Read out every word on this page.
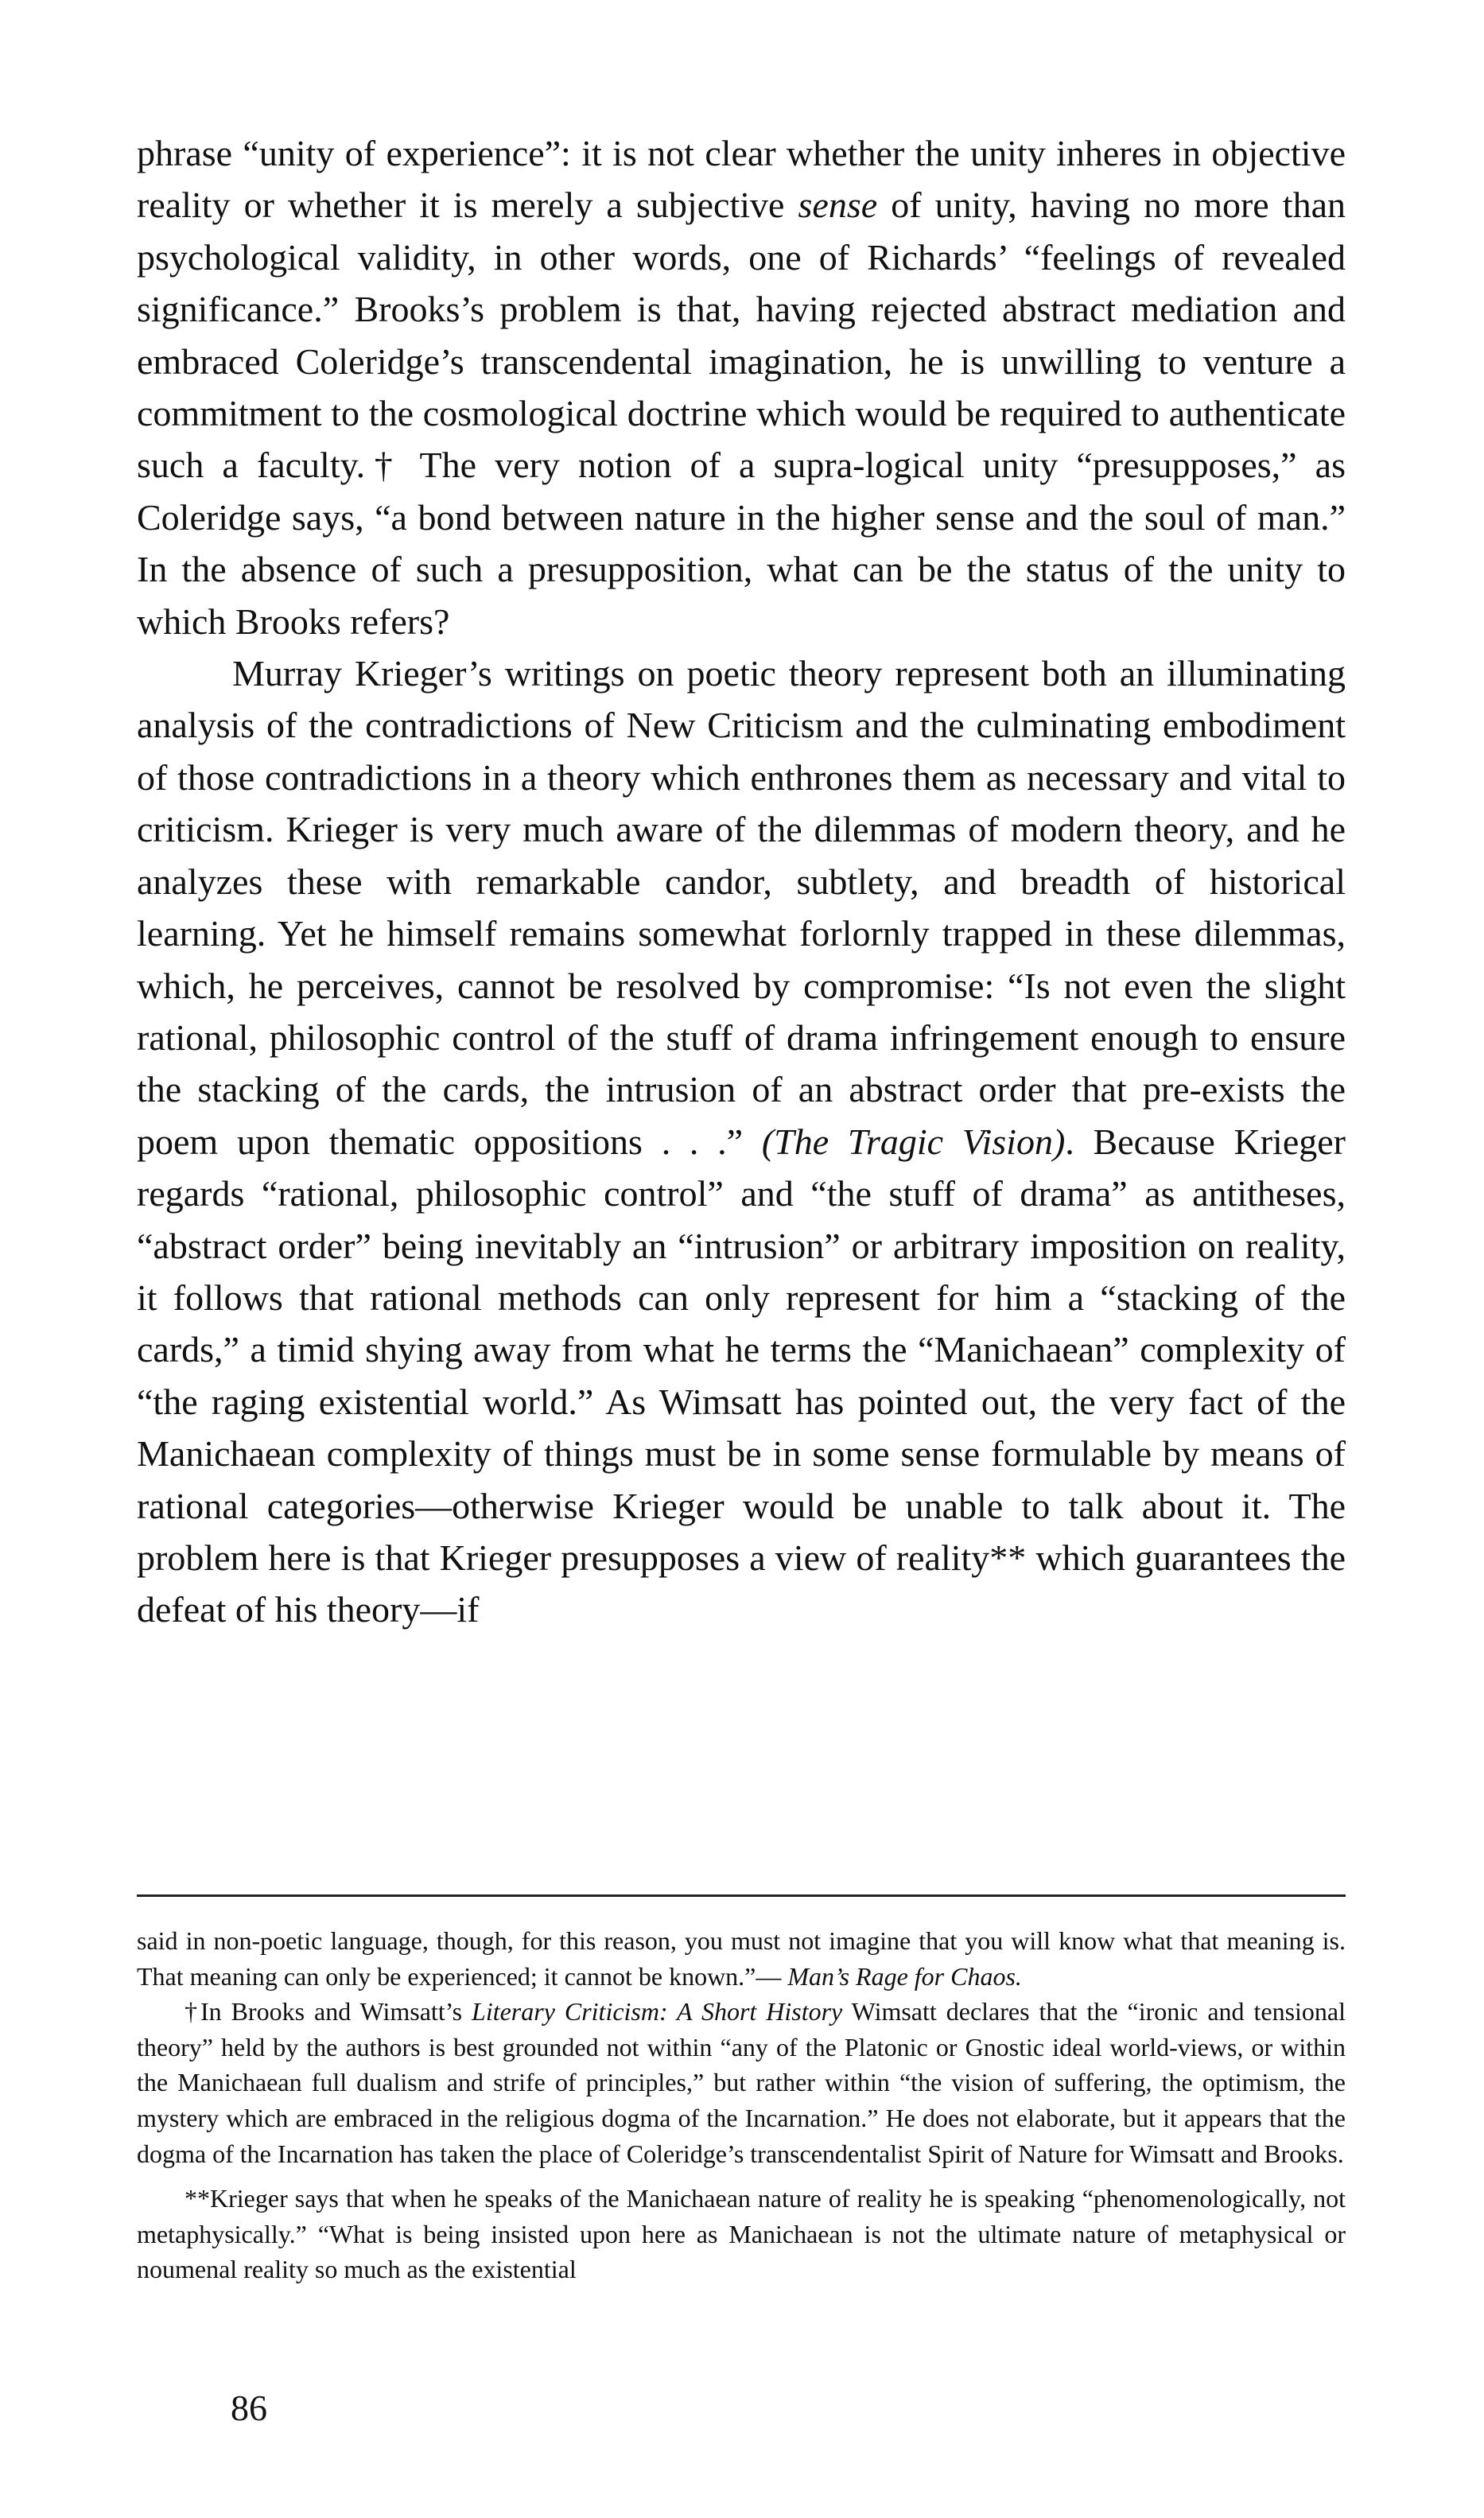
phrase “unity of experience”: it is not clear whether the unity inheres in objective reality or whether it is merely a subjective sense of unity, having no more than psychological validity, in other words, one of Richards’ “feelings of revealed significance.” Brooks’s problem is that, having rejected abstract mediation and embraced Coleridge’s transcendental imagination, he is unwilling to venture a commitment to the cosmological doctrine which would be required to authenticate such a faculty.† The very notion of a supra-logical unity “presupposes,” as Coleridge says, “a bond between nature in the higher sense and the soul of man.” In the absence of such a presupposition, what can be the status of the unity to which Brooks refers?

Murray Krieger’s writings on poetic theory represent both an illuminating analysis of the contradictions of New Criticism and the culminating embodiment of those contradictions in a theory which enthrones them as necessary and vital to criticism. Krieger is very much aware of the dilemmas of modern theory, and he analyzes these with remarkable candor, subtlety, and breadth of historical learning. Yet he himself remains somewhat forlornly trapped in these dilemmas, which, he perceives, cannot be resolved by compromise: “Is not even the slight rational, philosophic control of the stuff of drama infringement enough to ensure the stacking of the cards, the intrusion of an abstract order that pre-exists the poem upon thematic oppositions . . .” (The Tragic Vision). Because Krieger regards “rational, philosophic control” and “the stuff of drama” as antitheses, “abstract order” being inevitably an “intrusion” or arbitrary imposition on reality, it follows that rational methods can only represent for him a “stacking of the cards,” a timid shying away from what he terms the “Manichaean” complexity of “the raging existential world.” As Wimsatt has pointed out, the very fact of the Manichaean complexity of things must be in some sense formulable by means of rational categories—otherwise Krieger would be unable to talk about it. The problem here is that Krieger presupposes a view of reality** which guarantees the defeat of his theory—if

said in non-poetic language, though, for this reason, you must not imagine that you will know what that meaning is. That meaning can only be experienced; it cannot be known.”— Man’s Rage for Chaos.

†In Brooks and Wimsatt’s Literary Criticism: A Short History Wimsatt declares that the “ironic and tensional theory” held by the authors is best grounded not within “any of the Platonic or Gnostic ideal world-views, or within the Manichaean full dualism and strife of principles,” but rather within “the vision of suffering, the optimism, the mystery which are embraced in the religious dogma of the Incarnation.” He does not elaborate, but it appears that the dogma of the Incarnation has taken the place of Coleridge’s transcendentalist Spirit of Nature for Wimsatt and Brooks.

**Krieger says that when he speaks of the Manichaean nature of reality he is speaking “phenomenologically, not metaphysically.” “What is being insisted upon here as Manichaean is not the ultimate nature of metaphysical or noumenal reality so much as the existential

86
